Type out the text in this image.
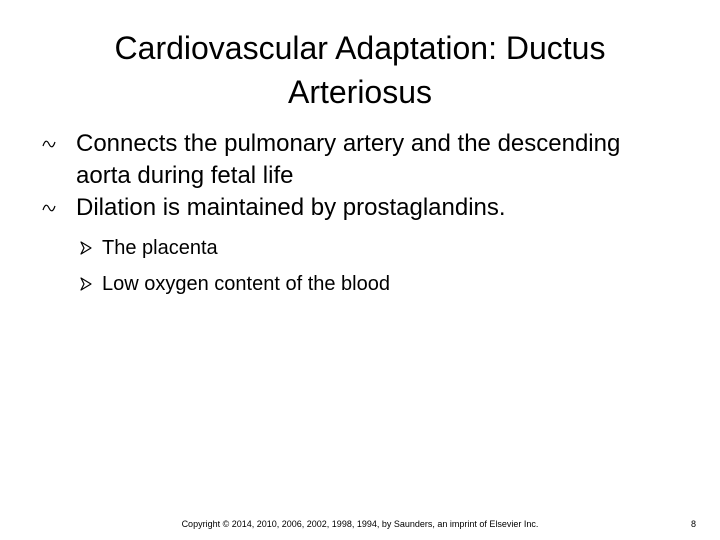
Cardiovascular Adaptation: Ductus Arteriosus
Connects the pulmonary artery and the descending aorta during fetal life
Dilation is maintained by prostaglandins.
The placenta
Low oxygen content of the blood
Copyright © 2014, 2010, 2006, 2002, 1998, 1994, by Saunders, an imprint of Elsevier Inc.	8
